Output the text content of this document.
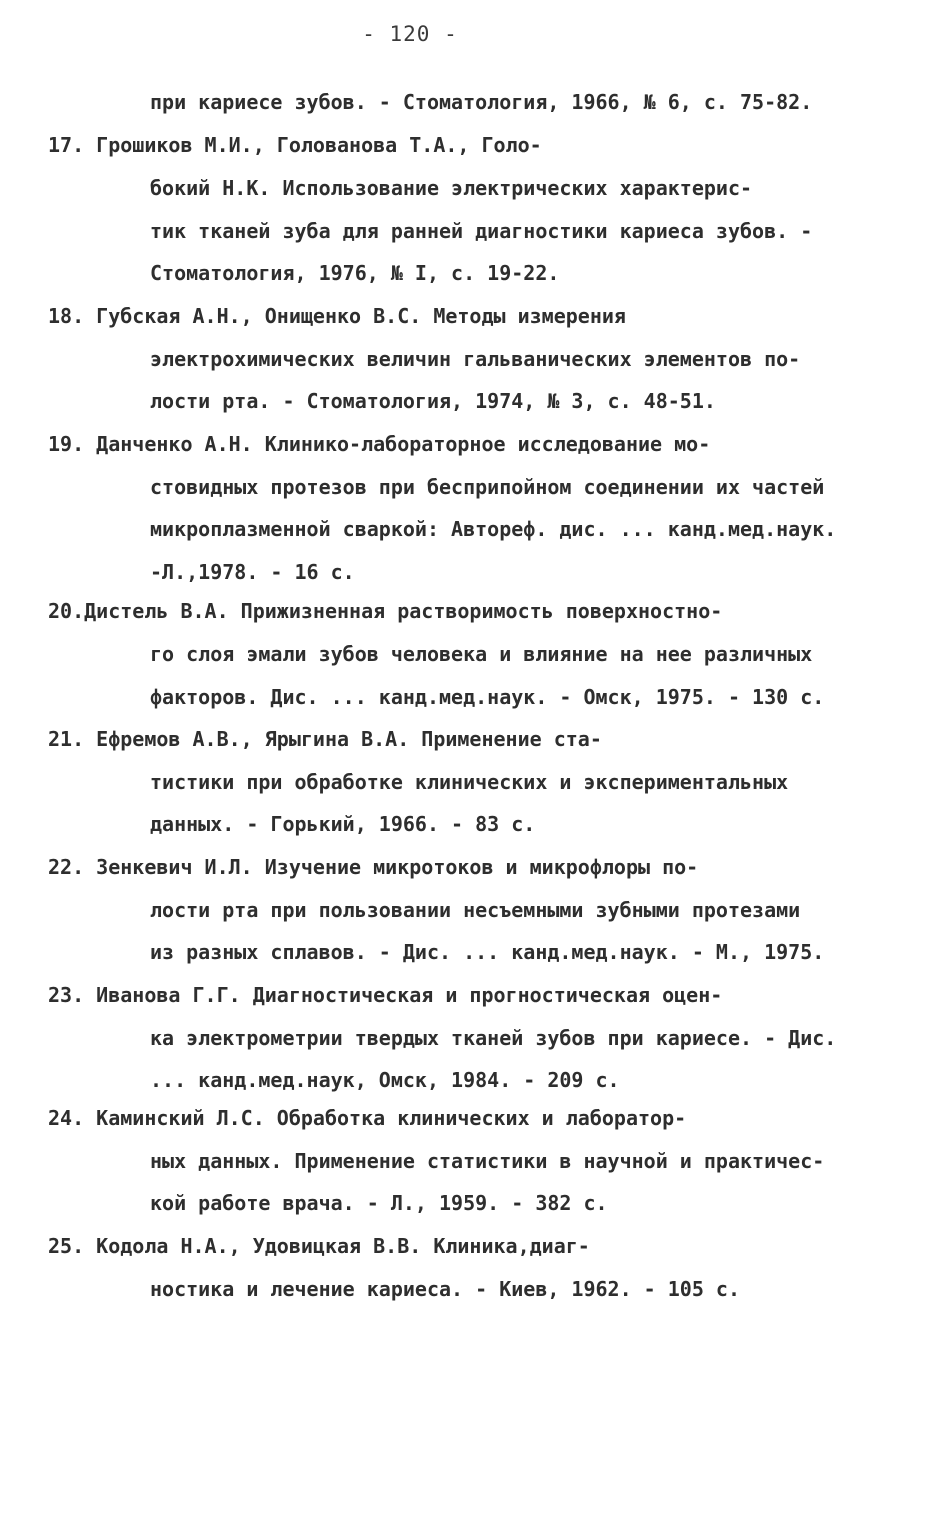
- 120 -
при кариесе зубов. - Стоматология, 1966, № 6, с. 75-82.
17. Грошиков М.И., Голованова Т.А., Голо-
бокий Н.К. Использование электрических характерис-
тик тканей зуба для ранней диагностики кариеса зубов. -
Стоматология, 1976, № I, с. 19-22.
18. Губская А.Н., Онищенко В.С. Методы измерения
электрохимических величин гальванических элементов по-
лости рта. - Стоматология, 1974, № 3, с. 48-51.
19. Данченко А.Н. Клинико-лабораторное исследование мо-
стовидных протезов при бесприпойном соединении их частей
микроплазменной сваркой: Автореф. дис. ... канд.мед.наук.
-Л.,1978. - 16 с.
20.Дистель В.А. Прижизненная растворимость поверхностно-
го слоя эмали зубов человека и влияние на нее различных
факторов. Дис. ... канд.мед.наук. - Омск, 1975. - 130 с.
21. Ефремов А.В., Ярыгина В.А. Применение ста-
тистики при обработке клинических и экспериментальных
данных. - Горький, 1966. - 83 с.
22. Зенкевич И.Л. Изучение микротоков и микрофлоры по-
лости рта при пользовании несъемными зубными протезами
из разных сплавов. - Дис. ... канд.мед.наук. - М., 1975.
23. Иванова Г.Г. Диагностическая и прогностическая оцен-
ка электрометрии твердых тканей зубов при кариесе. - Дис.
... канд.мед.наук, Омск, 1984. - 209 с.
24. Каминский Л.С. Обработка клинических и лаборатор-
ных данных. Применение статистики в научной и практичес-
кой работе врача. - Л., 1959. - 382 с.
25. Кодола Н.А., Удовицкая В.В. Клиника,диаг-
ностика и лечение кариеса. - Киев, 1962. - 105 с.
